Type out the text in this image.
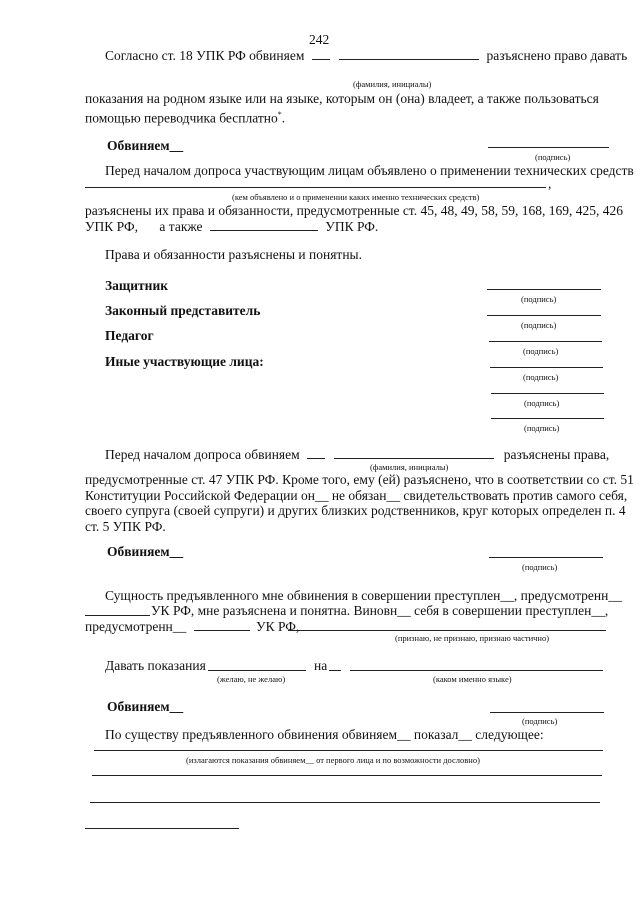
242
Согласно ст. 18 УПК РФ обвиняем	разъяснено право давать
(фамилия, инициалы)
показания на родном языке или на языке, которым он (она) владеет, а также пользоваться
помощью переводчика бесплатно*.
Обвиняем__
(подпись)
Перед началом допроса участвующим лицам объявлено о применении технических средств
,
(кем объявлено и о применении каких именно технических средств)
разъяснены их права и обязанности, предусмотренные ст. 45, 48, 49, 58, 59, 168, 169, 425, 426
УПК РФ, а также	УПК РФ.
Права и обязанности разъяснены и понятны.
Защитник
(подпись)
Законный представитель
(подпись)
Педагог
(подпись)
Иные участвующие лица:
(подпись)
(подпись)
(подпись)
Перед началом допроса обвиняем	разъяснены права,
(фамилия, инициалы)
предусмотренные ст. 47 УПК РФ. Кроме того, ему (ей) разъяснено, что в соответствии со ст. 51
Конституции Российской Федерации он__ не обязан__ свидетельствовать против самого себя,
своего супруга (своей супруги) и других близких родственников, круг которых определен п. 4
ст. 5 УПК РФ.
Обвиняем__
(подпись)
Сущность предъявленного мне обвинения в совершении преступлен__, предусмотренн__
УК РФ, мне разъяснена и понятна. Виновн__ себя в совершении преступлен__,
предусмотренн__	УК РФ,
(признаю, не признаю, признаю частично)
Давать показания	на
(желаю, не желаю)	(каком именно языке)
Обвиняем__
(подпись)
По существу предъявленного обвинения обвиняем__ показал__ следующее:
(излагаются показания обвиняем__ от первого лица и по возможности дословно)
